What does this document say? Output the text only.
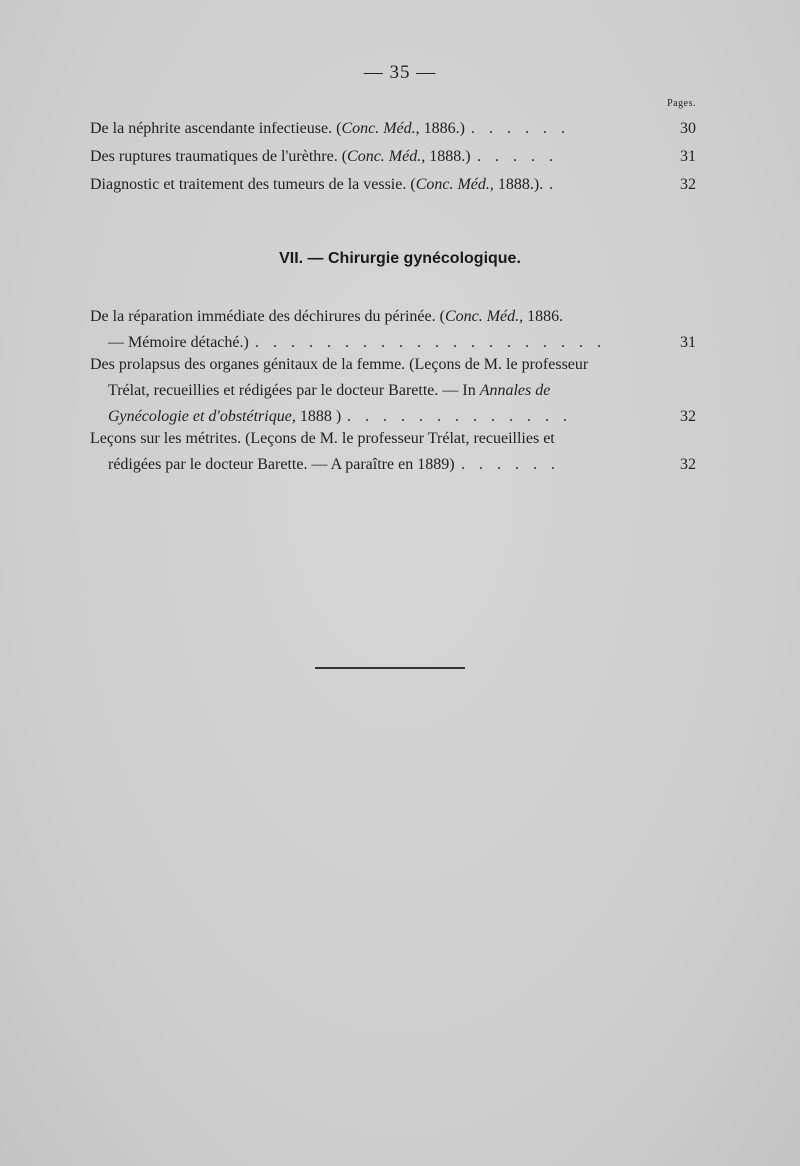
— 35 —
Pages.
De la néphrite ascendante infectieuse. (Conc. Méd., 1886.) . . . . . .	30
Des ruptures traumatiques de l'urèthre. (Conc. Méd., 1888.) . . . . .	31
Diagnostic et traitement des tumeurs de la vessie. (Conc. Méd., 1888.). .	32
VII. — Chirurgie gynécologique.
De la réparation immédiate des déchirures du périnée. (Conc. Méd., 1886.
— Mémoire détaché.) . . . . . . . . . . . . . . . . . . . .	31
Des prolapsus des organes génitaux de la femme. (Leçons de M. le professeur
Trélat, recueillies et rédigées par le docteur Barette. — In Annales de
Gynécologie et d'obstétrique, 1888 ) . . . . . . . . . . . . .	32
Leçons sur les métrites. (Leçons de M. le professeur Trélat, recueillies et
rédigées par le docteur Barette. — A paraître en 1889) . . . . . .	32
